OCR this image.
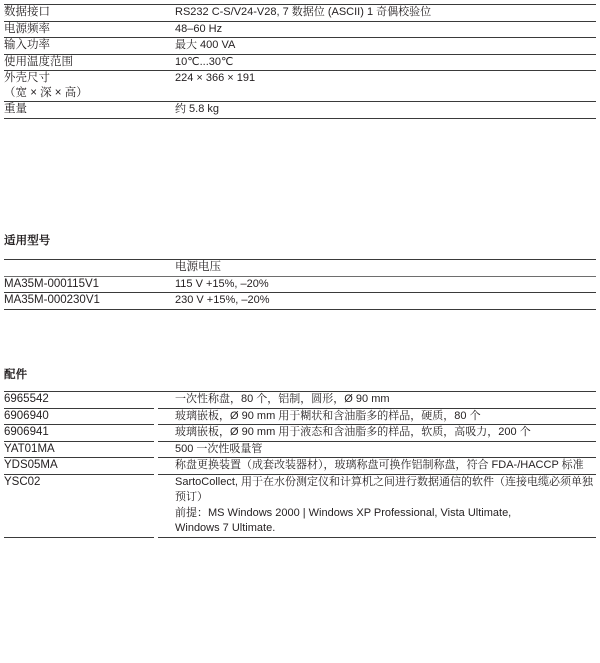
数据接口	RS232 C-S/V24-V28, 7 数据位 (ASCII) 1 奇偶校验位

电源频率	48–60 Hz

输入功率	最大 400 VA

使用温度范围	10℃...30℃

外壳尺寸
（宽 × 深 × 高）	224 × 366 × 191

重量	约 5.8 kg

适用型号

	电源电压

MA35M-000115V1	115 V +15%, –20%

MA35M-000230V1	230 V +15%, –20%

配件

6965542	一次性称盘，80 个，铝制，圆形，Ø 90 mm

6906940	玻璃嵌板，Ø 90 mm 用于糊状和含油脂多的样品，硬质，80 个

6906941	玻璃嵌板，Ø 90 mm 用于液态和含油脂多的样品，软质，高吸力，200 个

YAT01MA	500 一次性吸量管

YDS05MA	称盘更换装置（成套改装器材），玻璃称盘可换作铝制称盘，符合 FDA-/HACCP 标准

YSC02	SartoCollect, 用于在水份测定仪和计算机之间进行数据通信的软件（连接电缆必须单独预订）
前提：MS Windows 2000 | Windows XP Professional, Vista Ultimate,
Windows 7 Ultimate.
